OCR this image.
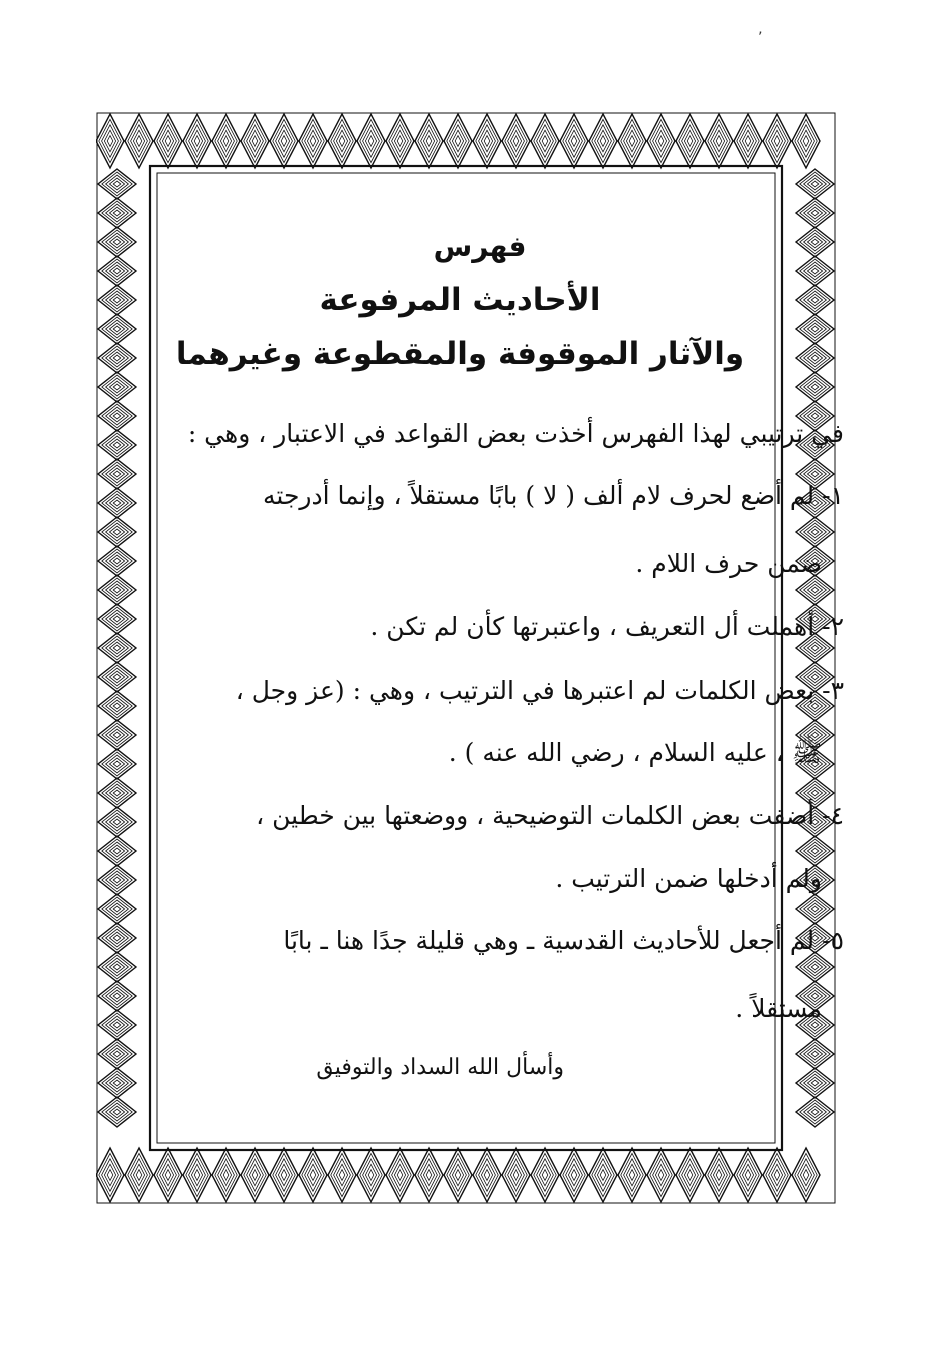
’
فهرس
الأحاديث المرفوعة
والآثار الموقوفة والمقطوعة وغيرهما
في ترتيبي لهذا الفهرس أخذت بعض القواعد في الاعتبار ، وهي :
١- لم أضع لحرف لام ألف ( لا ) بابًا مستقلاً ، وإنما أدرجته
ضمن حرف اللام .
٢- أهملت أل التعريف ، واعتبرتها كأن لم تكن .
٣- بعض الكلمات لم اعتبرها في الترتيب ، وهي : (عز وجل ،
ﷺ ، عليه السلام ، رضي الله عنه ) .
٤- أضفت بعض الكلمات التوضيحية ، ووضعتها بين خطين ،
ولم أدخلها ضمن الترتيب .
٥- لم أجعل للأحاديث القدسية ـ وهي قليلة جدًا هنا ـ بابًا
مستقلاً .
وأسأل الله السداد والتوفيق
